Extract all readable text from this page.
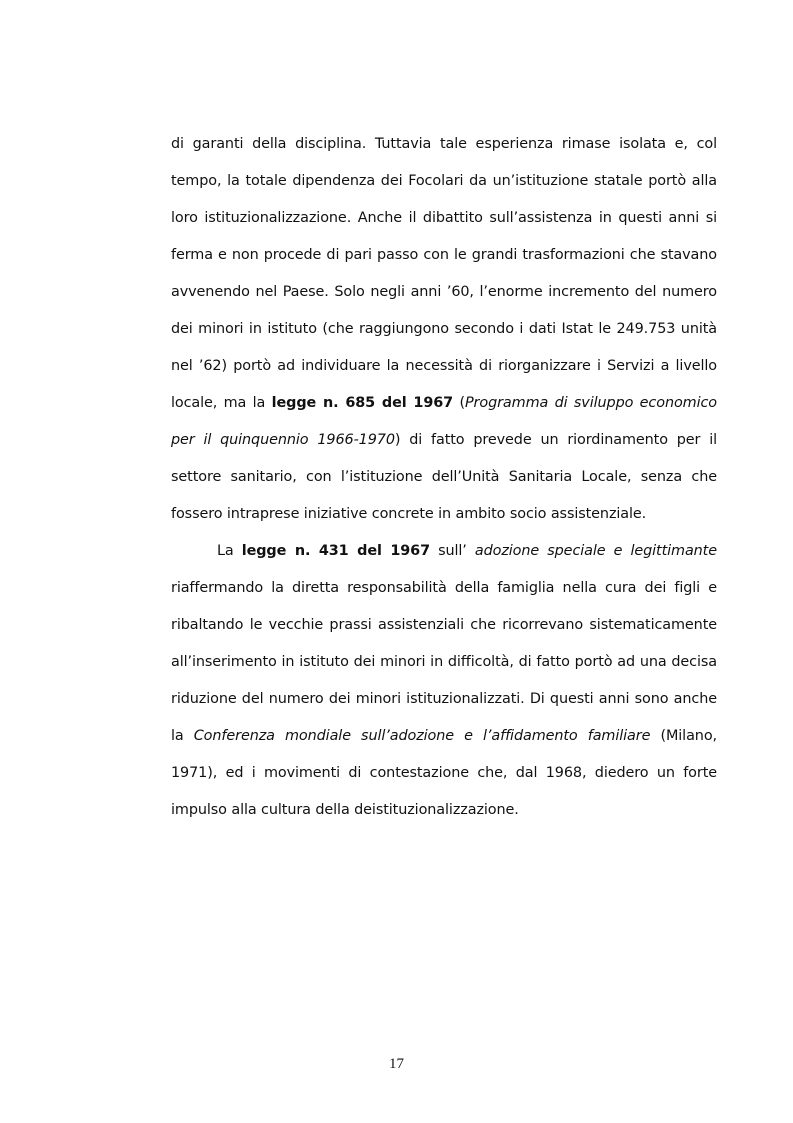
di garanti della disciplina. Tuttavia tale esperienza rimase isolata e, col tempo, la totale dipendenza dei Focolari da un’istituzione statale portò alla loro istituzionalizzazione. Anche il dibattito sull’assistenza in questi anni si ferma e non procede di pari passo con le grandi trasformazioni che stavano avvenendo nel Paese. Solo negli anni ’60, l’enorme incremento del numero dei minori in istituto (che raggiungono secondo i dati Istat le 249.753 unità nel ’62) portò ad individuare la necessità di riorganizzare i Servizi a livello locale, ma la legge n. 685 del 1967 (Programma di sviluppo economico per il quinquennio 1966-1970) di fatto prevede un riordinamento per il settore sanitario, con l’istituzione dell’Unità Sanitaria Locale, senza che fossero intraprese iniziative concrete in ambito socio assistenziale.

La legge n. 431 del 1967 sull’ adozione speciale e legittimante riaffermando la diretta responsabilità della famiglia nella cura dei figli e ribaltando le vecchie prassi assistenziali che ricorrevano sistematicamente all’inserimento in istituto dei minori in difficoltà, di fatto portò ad una decisa riduzione del numero dei minori istituzionalizzati. Di questi anni sono anche la Conferenza mondiale sull’adozione e l’affidamento familiare (Milano, 1971), ed i movimenti di contestazione che, dal 1968, diedero un forte impulso alla cultura della deistituzionalizzazione.

17
